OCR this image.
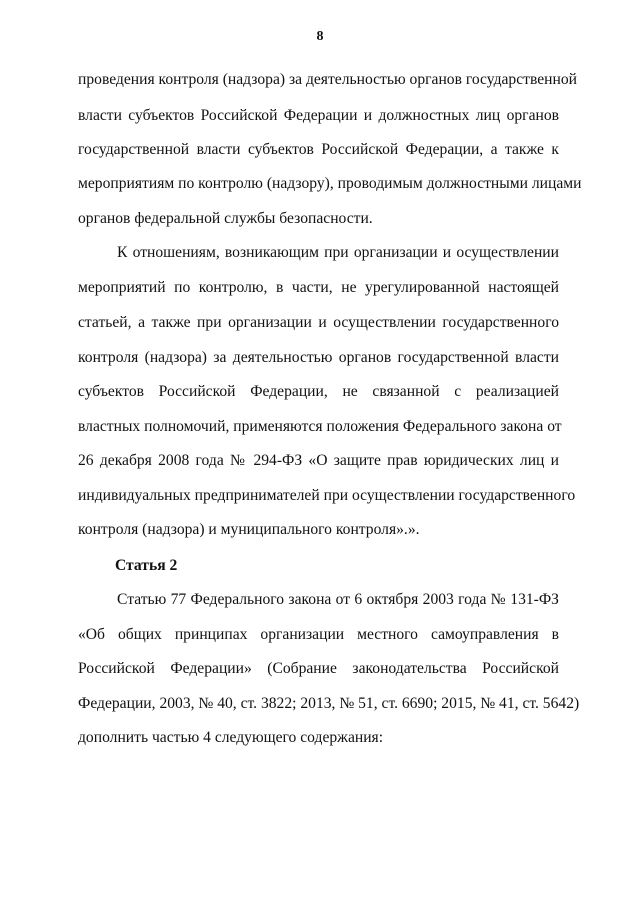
8
проведения контроля (надзора) за деятельностью органов государственной
власти субъектов Российской Федерации и должностных лиц органов
государственной власти субъектов Российской Федерации, а также к
мероприятиям по контролю (надзору), проводимым должностными лицами
органов федеральной службы безопасности.
К отношениям, возникающим при организации и осуществлении
мероприятий по контролю, в части, не урегулированной настоящей
статьей, а также при организации и осуществлении государственного
контроля (надзора) за деятельностью органов государственной власти
субъектов Российской Федерации, не связанной с реализацией
властных полномочий, применяются положения Федерального закона от
26 декабря 2008 года № 294-ФЗ «О защите прав юридических лиц и
индивидуальных предпринимателей при осуществлении государственного
контроля (надзора) и муниципального контроля».».
Статья 2
Статью 77 Федерального закона от 6 октября 2003 года № 131-ФЗ
«Об общих принципах организации местного самоуправления в
Российской Федерации» (Собрание законодательства Российской
Федерации, 2003, № 40, ст. 3822; 2013, № 51, ст. 6690; 2015, № 41, ст. 5642)
дополнить частью 4 следующего содержания:
